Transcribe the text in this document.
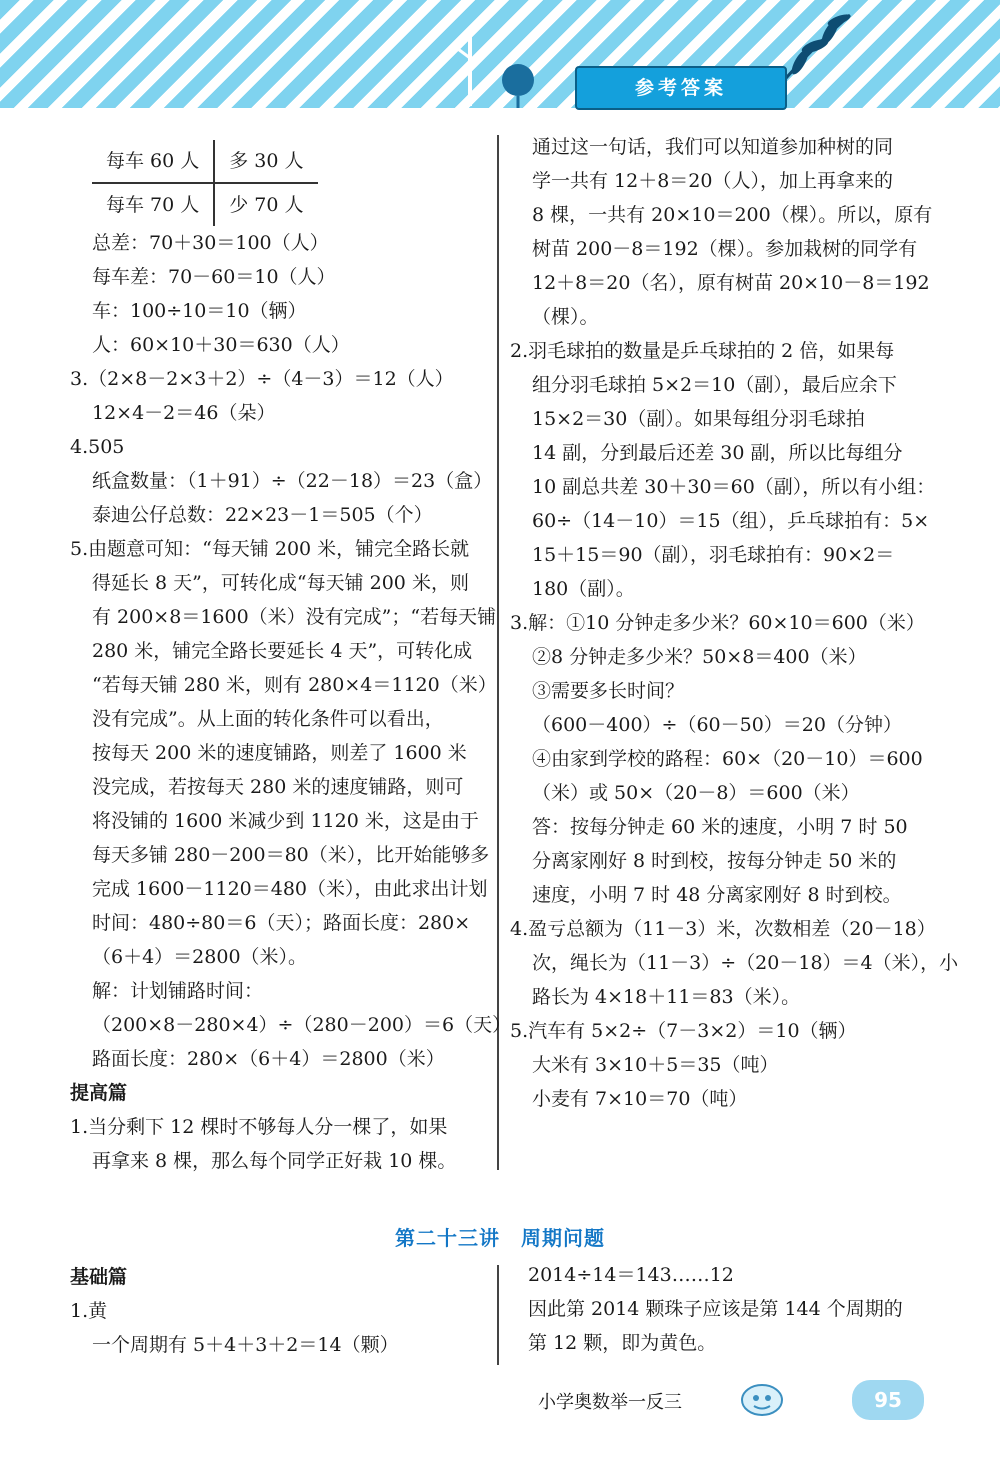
参考答案
每车 60 人	多 30 人
每车 70 人	少 70 人
总差：70＋30＝100（人）
每车差：70－60＝10（人）
车：100÷10＝10（辆）
人：60×10＋30＝630（人）
3.（2×8－2×3＋2）÷（4－3）＝12（人）
12×4－2＝46（朵）
4.505
纸盒数量：（1＋91）÷（22－18）＝23（盒）
泰迪公仔总数：22×23－1＝505（个）
5.由题意可知：“每天铺 200 米，铺完全路长就
得延长 8 天”，可转化成“每天铺 200 米，则
有 200×8＝1600（米）没有完成”；“若每天铺
280 米，铺完全路长要延长 4 天”，可转化成
“若每天铺 280 米，则有 280×4＝1120（米）
没有完成”。从上面的转化条件可以看出，
按每天 200 米的速度铺路，则差了 1600 米
没完成，若按每天 280 米的速度铺路，则可
将没铺的 1600 米减少到 1120 米，这是由于
每天多铺 280－200＝80（米），比开始能够多
完成 1600－1120＝480（米），由此求出计划
时间：480÷80＝6（天）；路面长度：280×
（6＋4）＝2800（米）。
解：计划铺路时间：
（200×8－280×4）÷（280－200）＝6（天）
路面长度：280×（6＋4）＝2800（米）
提高篇
1.当分剩下 12 棵时不够每人分一棵了，如果
再拿来 8 棵，那么每个同学正好栽 10 棵。
通过这一句话，我们可以知道参加种树的同
学一共有 12＋8＝20（人），加上再拿来的
8 棵，一共有 20×10＝200（棵）。所以，原有
树苗 200－8＝192（棵）。参加栽树的同学有
12＋8＝20（名），原有树苗 20×10－8＝192
（棵）。
2.羽毛球拍的数量是乒乓球拍的 2 倍，如果每
组分羽毛球拍 5×2＝10（副），最后应余下
15×2＝30（副）。如果每组分羽毛球拍
14 副，分到最后还差 30 副，所以比每组分
10 副总共差 30＋30＝60（副），所以有小组：
60÷（14－10）＝15（组），乒乓球拍有：5×
15＋15＝90（副），羽毛球拍有：90×2＝
180（副）。
3.解：①10 分钟走多少米？60×10＝600（米）
②8 分钟走多少米？50×8＝400（米）
③需要多长时间？
（600－400）÷（60－50）＝20（分钟）
④由家到学校的路程：60×（20－10）＝600
（米）或 50×（20－8）＝600（米）
答：按每分钟走 60 米的速度，小明 7 时 50
分离家刚好 8 时到校，按每分钟走 50 米的
速度，小明 7 时 48 分离家刚好 8 时到校。
4.盈亏总额为（11－3）米，次数相差（20－18）
次，绳长为（11－3）÷（20－18）＝4（米），小
路长为 4×18＋11＝83（米）。
5.汽车有 5×2÷（7－3×2）＝10（辆）
大米有 3×10＋5＝35（吨）
小麦有 7×10＝70（吨）
第二十三讲　周期问题
基础篇
1.黄
一个周期有 5＋4＋3＋2＝14（颗）
2014÷14＝143……12
因此第 2014 颗珠子应该是第 144 个周期的
第 12 颗，即为黄色。
小学奥数举一反三	95
